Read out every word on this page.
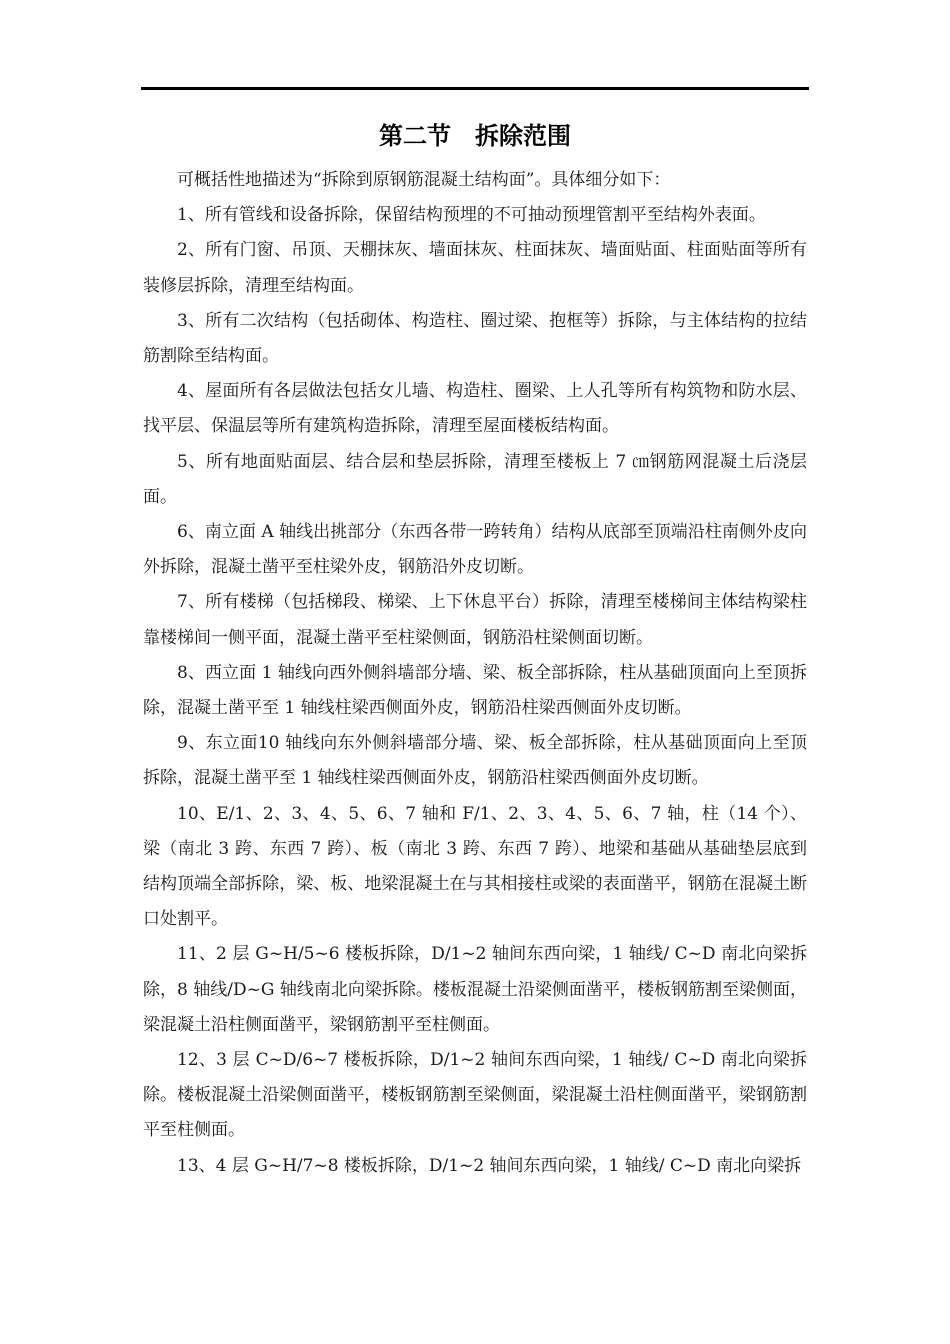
第二节　拆除范围

可概括性地描述为“拆除到原钢筋混凝土结构面”。具体细分如下：

1、所有管线和设备拆除，保留结构预埋的不可抽动预埋管割平至结构外表面。

2、所有门窗、吊顶、天棚抹灰、墙面抹灰、柱面抹灰、墙面贴面、柱面贴面等所有装修层拆除，清理至结构面。

3、所有二次结构（包括砌体、构造柱、圈过梁、抱框等）拆除，与主体结构的拉结筋割除至结构面。

4、屋面所有各层做法包括女儿墙、构造柱、圈梁、上人孔等所有构筑物和防水层、找平层、保温层等所有建筑构造拆除，清理至屋面楼板结构面。

5、所有地面贴面层、结合层和垫层拆除，清理至楼板上 7 ㎝钢筋网混凝土后浇层面。

6、南立面 A 轴线出挑部分（东西各带一跨转角）结构从底部至顶端沿柱南侧外皮向外拆除，混凝土凿平至柱梁外皮，钢筋沿外皮切断。

7、所有楼梯（包括梯段、梯梁、上下休息平台）拆除，清理至楼梯间主体结构梁柱靠楼梯间一侧平面，混凝土凿平至柱梁侧面，钢筋沿柱梁侧面切断。

8、西立面 1 轴线向西外侧斜墙部分墙、梁、板全部拆除，柱从基础顶面向上至顶拆除，混凝土凿平至 1 轴线柱梁西侧面外皮，钢筋沿柱梁西侧面外皮切断。

9、东立面10 轴线向东外侧斜墙部分墙、梁、板全部拆除，柱从基础顶面向上至顶拆除，混凝土凿平至 1 轴线柱梁西侧面外皮，钢筋沿柱梁西侧面外皮切断。

10、E/1、2、3、4、5、6、7 轴和 F/1、2、3、4、5、6、7 轴，柱（14 个）、梁（南北 3 跨、东西 7 跨）、板（南北 3 跨、东西 7 跨）、地梁和基础从基础垫层底到结构顶端全部拆除，梁、板、地梁混凝土在与其相接柱或梁的表面凿平，钢筋在混凝土断口处割平。

11、2 层 G~H/5~6 楼板拆除，D/1~2 轴间东西向梁，1 轴线/ C~D 南北向梁拆除，8 轴线/D~G 轴线南北向梁拆除。楼板混凝土沿梁侧面凿平，楼板钢筋割至梁侧面，梁混凝土沿柱侧面凿平，梁钢筋割平至柱侧面。

12、3 层 C~D/6~7 楼板拆除，D/1~2 轴间东西向梁，1 轴线/ C~D 南北向梁拆除。楼板混凝土沿梁侧面凿平，楼板钢筋割至梁侧面，梁混凝土沿柱侧面凿平，梁钢筋割平至柱侧面。

13、4 层 G~H/7~8 楼板拆除，D/1~2 轴间东西向梁，1 轴线/ C~D 南北向梁拆
